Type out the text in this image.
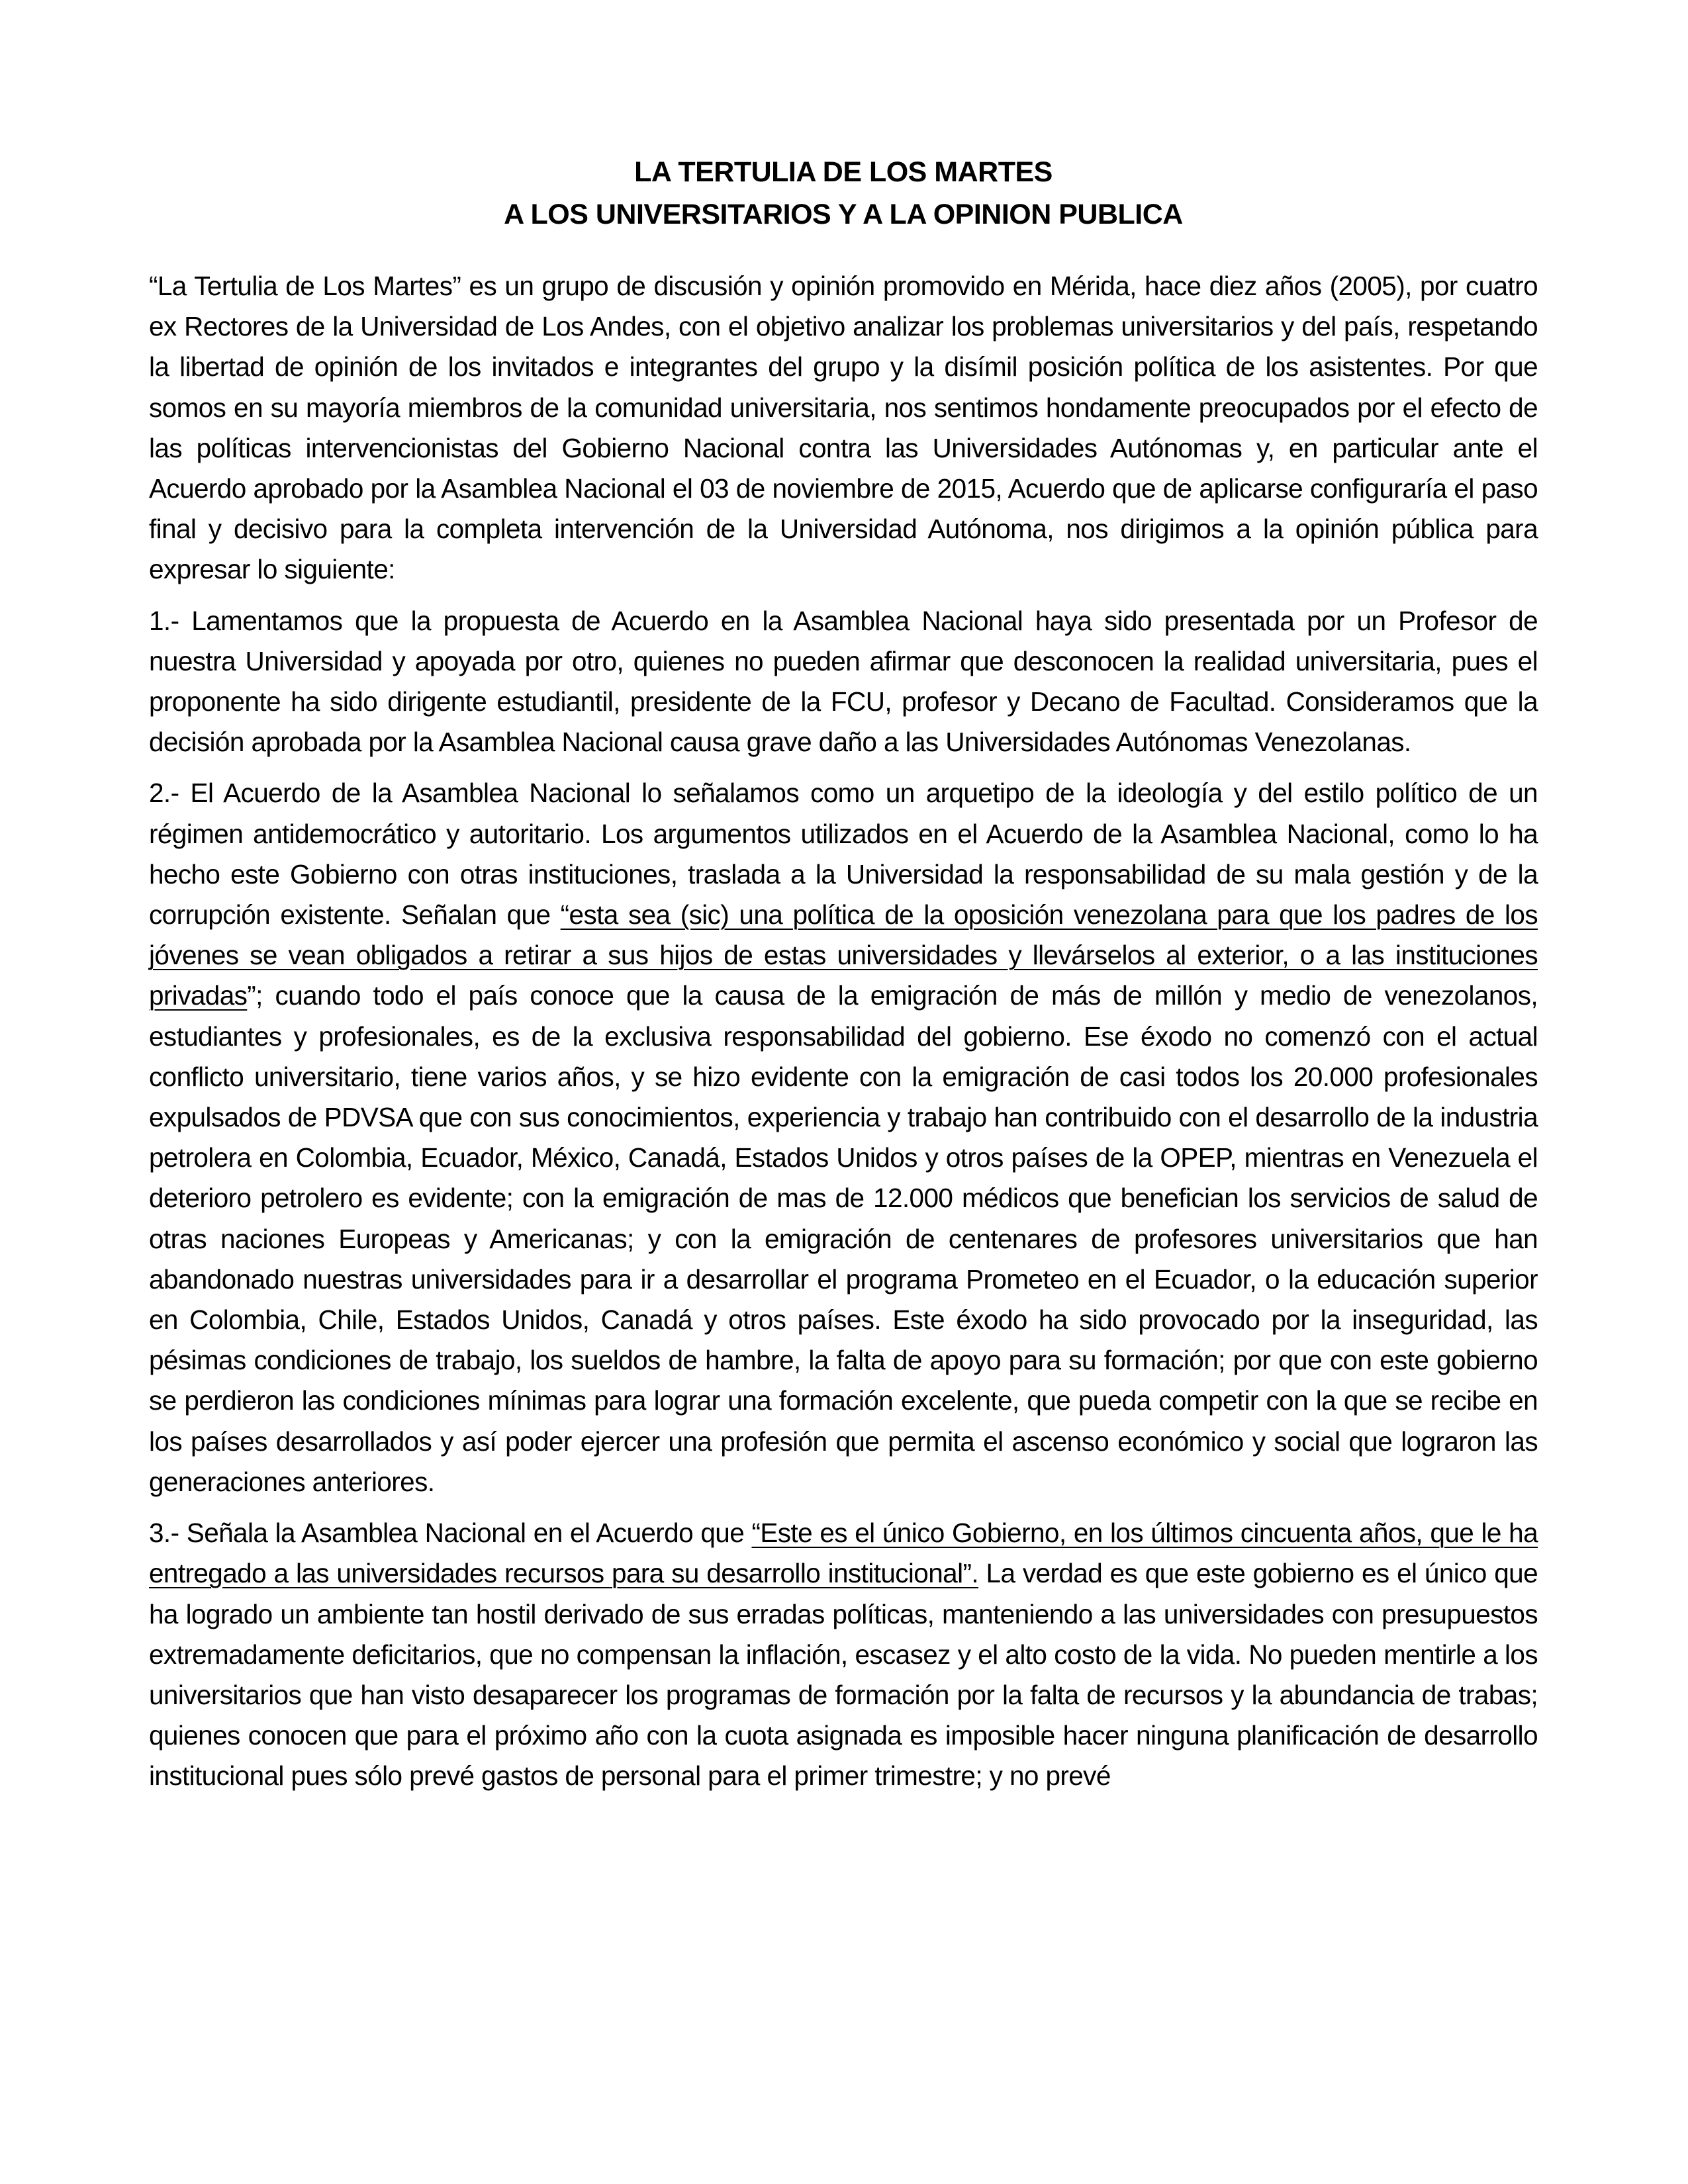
LA TERTULIA DE LOS MARTES
A LOS UNIVERSITARIOS Y A LA OPINION PUBLICA

“La Tertulia de Los Martes” es un grupo de discusión y opinión promovido en Mérida, hace diez años (2005), por cuatro ex Rectores de la Universidad de Los Andes, con el objetivo analizar los problemas universitarios y del país, respetando la libertad de opinión de los invitados e integrantes del grupo y la disímil posición política de los asistentes. Por que somos en su mayoría miembros de la comunidad universitaria, nos sentimos hondamente preocupados por el efecto de las políticas intervencionistas del Gobierno Nacional contra las Universidades Autónomas y, en particular ante el Acuerdo aprobado por la Asamblea Nacional el 03 de noviembre de 2015, Acuerdo que de aplicarse configuraría el paso final y decisivo para la completa intervención de la Universidad Autónoma, nos dirigimos a la opinión pública para expresar lo siguiente:

1.- Lamentamos que la propuesta de Acuerdo en la Asamblea Nacional haya sido presentada por un Profesor de nuestra Universidad y apoyada por otro, quienes no pueden afirmar que desconocen la realidad universitaria, pues el proponente ha sido dirigente estudiantil, presidente de la FCU, profesor y Decano de Facultad. Consideramos que la decisión aprobada por la Asamblea Nacional causa grave daño a las Universidades Autónomas Venezolanas.

2.- El Acuerdo de la Asamblea Nacional lo señalamos como un arquetipo de la ideología y del estilo político de un régimen antidemocrático y autoritario. Los argumentos utilizados en el Acuerdo de la Asamblea Nacional, como lo ha hecho este Gobierno con otras instituciones, traslada a la Universidad la responsabilidad de su mala gestión y de la corrupción existente. Señalan que “esta sea (sic) una política de la oposición venezolana para que los padres de los jóvenes se vean obligados a retirar a sus hijos de estas universidades y llevárselos al exterior, o a las instituciones privadas”; cuando todo el país conoce que la causa de la emigración de más de millón y medio de venezolanos, estudiantes y profesionales, es de la exclusiva responsabilidad del gobierno. Ese éxodo no comenzó con el actual conflicto universitario, tiene varios años, y se hizo evidente con la emigración de casi todos los 20.000 profesionales expulsados de PDVSA que con sus conocimientos, experiencia y trabajo han contribuido con el desarrollo de la industria petrolera en Colombia, Ecuador, México, Canadá, Estados Unidos y otros países de la OPEP, mientras en Venezuela el deterioro petrolero es evidente; con la emigración de mas de 12.000 médicos que benefician los servicios de salud de otras naciones Europeas y Americanas; y con la emigración de centenares de profesores universitarios que han abandonado nuestras universidades para ir a desarrollar el programa Prometeo en el Ecuador, o la educación superior en Colombia, Chile, Estados Unidos, Canadá y otros países. Este éxodo ha sido provocado por la inseguridad, las pésimas condiciones de trabajo, los sueldos de hambre, la falta de apoyo para su formación; por que con este gobierno se perdieron las condiciones mínimas para lograr una formación excelente, que pueda competir con la que se recibe en los países desarrollados y así poder ejercer una profesión que permita el ascenso económico y social que lograron las generaciones anteriores.

3.- Señala la Asamblea Nacional en el Acuerdo que “Este es el único Gobierno, en los últimos cincuenta años, que le ha entregado a las universidades recursos para su desarrollo institucional”. La verdad es que este gobierno es el único que ha logrado un ambiente tan hostil derivado de sus erradas políticas, manteniendo a las universidades con presupuestos extremadamente deficitarios, que no compensan la inflación, escasez y el alto costo de la vida. No pueden mentirle a los universitarios que han visto desaparecer los programas de formación por la falta de recursos y la abundancia de trabas; quienes conocen que para el próximo año con la cuota asignada es imposible hacer ninguna planificación de desarrollo institucional pues sólo prevé gastos de personal para el primer trimestre; y no prevé
